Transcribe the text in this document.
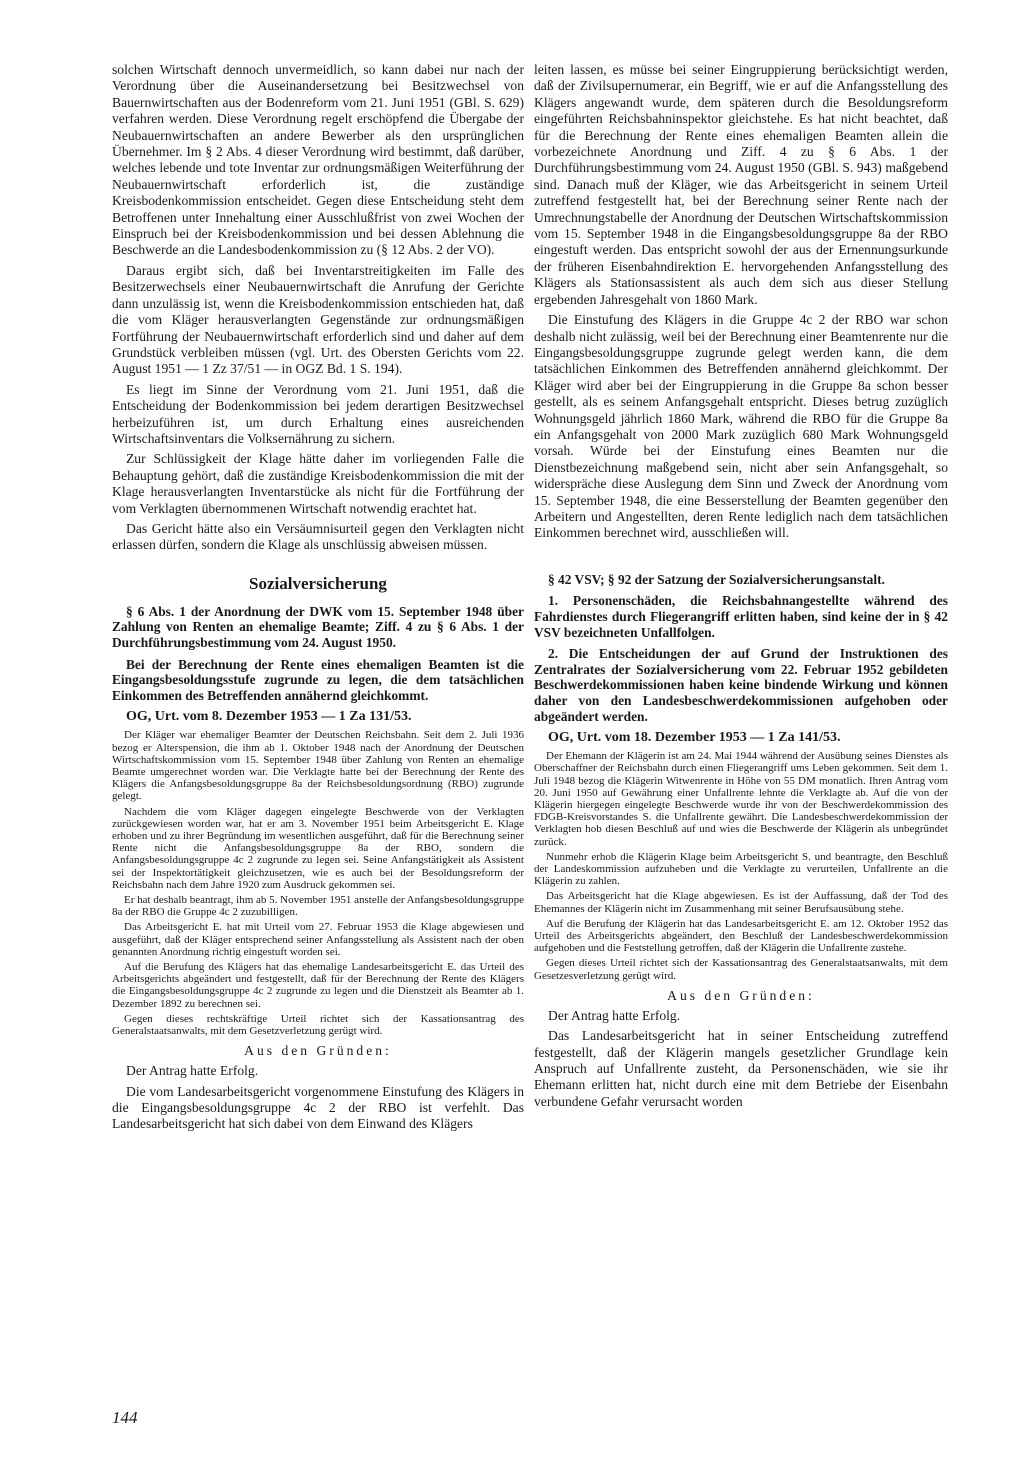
solchen Wirtschaft dennoch unvermeidlich, so kann dabei nur nach der Verordnung über die Auseinandersetzung bei Besitzwechsel von Bauernwirtschaften aus der Bodenreform vom 21. Juni 1951 (GBl. S. 629) verfahren werden. Diese Verordnung regelt erschöpfend die Übergabe der Neubauernwirtschaften an andere Bewerber als den ursprünglichen Übernehmer. Im § 2 Abs. 4 dieser Verordnung wird bestimmt, daß darüber, welches lebende und tote Inventar zur ordnungsmäßigen Weiterführung der Neubauernwirtschaft erforderlich ist, die zuständige Kreisbodenkommission entscheidet. Gegen diese Entscheidung steht dem Betroffenen unter Innehaltung einer Ausschlußfrist von zwei Wochen der Einspruch bei der Kreisbodenkommission und bei dessen Ablehnung die Beschwerde an die Landesbodenkommission zu (§ 12 Abs. 2 der VO).

Daraus ergibt sich, daß bei Inventarstreitigkeiten im Falle des Besitzerwechsels einer Neubauernwirtschaft die Anrufung der Gerichte dann unzulässig ist, wenn die Kreisbodenkommission entschieden hat, daß die vom Kläger herausverlangten Gegenstände zur ordnungsmäßigen Fortführung der Neubauernwirtschaft erforderlich sind und daher auf dem Grundstück verbleiben müssen (vgl. Urt. des Obersten Gerichts vom 22. August 1951 — 1 Zz 37/51 — in OGZ Bd. 1 S. 194).

Es liegt im Sinne der Verordnung vom 21. Juni 1951, daß die Entscheidung der Bodenkommission bei jedem derartigen Besitzwechsel herbeizuführen ist, um durch Erhaltung eines ausreichenden Wirtschaftsinventars die Volksernährung zu sichern.

Zur Schlüssigkeit der Klage hätte daher im vorliegenden Falle die Behauptung gehört, daß die zuständige Kreisbodenkommission die mit der Klage herausverlangten Inventarstücke als nicht für die Fortführung der vom Verklagten übernommenen Wirtschaft notwendig erachtet hat.

Das Gericht hätte also ein Versäumnisurteil gegen den Verklagten nicht erlassen dürfen, sondern die Klage als unschlüssig abweisen müssen.

Sozialversicherung

§ 6 Abs. 1 der Anordnung der DWK vom 15. September 1948 über Zahlung von Renten an ehemalige Beamte; Ziff. 4 zu § 6 Abs. 1 der Durchführungsbestimmung vom 24. August 1950.

Bei der Berechnung der Rente eines ehemaligen Beamten ist die Eingangsbesoldungsstufe zugrunde zu legen, die dem tatsächlichen Einkommen des Betreffenden annähernd gleichkommt.

OG, Urt. vom 8. Dezember 1953 — 1 Za 131/53.

Der Kläger war ehemaliger Beamter der Deutschen Reichsbahn. Seit dem 2. Juli 1936 bezog er Alterspension, die ihm ab 1. Oktober 1948 nach der Anordnung der Deutschen Wirtschaftskommission vom 15. September 1948 über Zahlung von Renten an ehemalige Beamte umgerechnet worden war. Die Verklagte hatte bei der Berechnung der Rente des Klägers die Anfangsbesoldungsgruppe 8a der Reichsbesoldungsordnung (RBO) zugrunde gelegt.

Nachdem die vom Kläger dagegen eingelegte Beschwerde von der Verklagten zurückgewiesen worden war, hat er am 3. November 1951 beim Arbeitsgericht E. Klage erhoben und zu ihrer Begründung im wesentlichen ausgeführt, daß für die Berechnung seiner Rente nicht die Anfangsbesoldungsgruppe 8a der RBO, sondern die Anfangsbesoldungsgruppe 4c 2 zugrunde zu legen sei. Seine Anfangstätigkeit als Assistent sei der Inspektortätigkeit gleichzusetzen, wie es auch bei der Besoldungsreform der Reichsbahn nach dem Jahre 1920 zum Ausdruck gekommen sei.

Er hat deshalb beantragt, ihm ab 5. November 1951 anstelle der Anfangsbesoldungsgruppe 8a der RBO die Gruppe 4c 2 zuzubilligen.

Das Arbeitsgericht E. hat mit Urteil vom 27. Februar 1953 die Klage abgewiesen und ausgeführt, daß der Kläger entsprechend seiner Anfangsstellung als Assistent nach der oben genannten Anordnung richtig eingestuft worden sei.

Auf die Berufung des Klägers hat das ehemalige Landesarbeitsgericht E. das Urteil des Arbeitsgerichts abgeändert und festgestellt, daß für der Berechnung der Rente des Klägers die Eingangsbesoldungsgruppe 4c 2 zugrunde zu legen und die Dienstzeit als Beamter ab 1. Dezember 1892 zu berechnen sei.

Gegen dieses rechtskräftige Urteil richtet sich der Kassationsantrag des Generalstaatsanwalts, mit dem Gesetzverletzung gerügt wird.

Aus den Gründen:

Der Antrag hatte Erfolg.

Die vom Landesarbeitsgericht vorgenommene Einstufung des Klägers in die Eingangsbesoldungsgruppe 4c 2 der RBO ist verfehlt. Das Landesarbeitsgericht hat sich dabei von dem Einwand des Klägers

leiten lassen, es müsse bei seiner Eingruppierung berücksichtigt werden, daß der Zivilsupernumerar, ein Begriff, wie er auf die Anfangsstellung des Klägers angewandt wurde, dem späteren durch die Besoldungsreform eingeführten Reichsbahninspektor gleichstehe. Es hat nicht beachtet, daß für die Berechnung der Rente eines ehemaligen Beamten allein die vorbezeichnete Anordnung und Ziff. 4 zu § 6 Abs. 1 der Durchführungsbestimmung vom 24. August 1950 (GBl. S. 943) maßgebend sind. Danach muß der Kläger, wie das Arbeitsgericht in seinem Urteil zutreffend festgestellt hat, bei der Berechnung seiner Rente nach der Umrechnungstabelle der Anordnung der Deutschen Wirtschaftskommission vom 15. September 1948 in die Eingangsbesoldungsgruppe 8a der RBO eingestuft werden. Das entspricht sowohl der aus der Ernennungsurkunde der früheren Eisenbahndirektion E. hervorgehenden Anfangsstellung des Klägers als Stationsassistent als auch dem sich aus dieser Stellung ergebenden Jahresgehalt von 1860 Mark.

Die Einstufung des Klägers in die Gruppe 4c 2 der RBO war schon deshalb nicht zulässig, weil bei der Berechnung einer Beamtenrente nur die Eingangsbesoldungsgruppe zugrunde gelegt werden kann, die dem tatsächlichen Einkommen des Betreffenden annähernd gleichkommt. Der Kläger wird aber bei der Eingruppierung in die Gruppe 8a schon besser gestellt, als es seinem Anfangsgehalt entspricht. Dieses betrug zuzüglich Wohnungsgeld jährlich 1860 Mark, während die RBO für die Gruppe 8a ein Anfangsgehalt von 2000 Mark zuzüglich 680 Mark Wohnungsgeld vorsah. Würde bei der Einstufung eines Beamten nur die Dienstbezeichnung maßgebend sein, nicht aber sein Anfangsgehalt, so widerspräche diese Auslegung dem Sinn und Zweck der Anordnung vom 15. September 1948, die eine Besserstellung der Beamten gegenüber den Arbeitern und Angestellten, deren Rente lediglich nach dem tatsächlichen Einkommen berechnet wird, ausschließen will.

§ 42 VSV; § 92 der Satzung der Sozialversicherungsanstalt.

1. Personenschäden, die Reichsbahnangestellte während des Fahrdienstes durch Fliegerangriff erlitten haben, sind keine der in § 42 VSV bezeichneten Unfallfolgen.

2. Die Entscheidungen der auf Grund der Instruktionen des Zentralrates der Sozialversicherung vom 22. Februar 1952 gebildeten Beschwerdekommissionen haben keine bindende Wirkung und können daher von den Landesbeschwerdekommissionen aufgehoben oder abgeändert werden.

OG, Urt. vom 18. Dezember 1953 — 1 Za 141/53.

Der Ehemann der Klägerin ist am 24. Mai 1944 während der Ausübung seines Dienstes als Oberschaffner der Reichsbahn durch einen Fliegerangriff ums Leben gekommen. Seit dem 1. Juli 1948 bezog die Klägerin Witwenrente in Höhe von 55 DM monatlich. Ihren Antrag vom 20. Juni 1950 auf Gewährung einer Unfallrente lehnte die Verklagte ab. Auf die von der Klägerin hiergegen eingelegte Beschwerde wurde ihr von der Beschwerdekommission des FDGB-Kreisvorstandes S. die Unfallrente gewährt. Die Landesbeschwerdekommission der Verklagten hob diesen Beschluß auf und wies die Beschwerde der Klägerin als unbegründet zurück.

Nunmehr erhob die Klägerin Klage beim Arbeitsgericht S. und beantragte, den Beschluß der Landeskommission aufzuheben und die Verklagte zu verurteilen, Unfallrente an die Klägerin zu zahlen.

Das Arbeitsgericht hat die Klage abgewiesen. Es ist der Auffassung, daß der Tod des Ehemannes der Klägerin nicht im Zusammenhang mit seiner Berufsausübung stehe.

Auf die Berufung der Klägerin hat das Landesarbeitsgericht E. am 12. Oktober 1952 das Urteil des Arbeitsgerichts abgeändert, den Beschluß der Landesbeschwerdekommission aufgehoben und die Feststellung getroffen, daß der Klägerin die Unfallrente zustehe.

Gegen dieses Urteil richtet sich der Kassationsantrag des Generalstaatsanwalts, mit dem Gesetzesverletzung gerügt wird.

Aus den Gründen:

Der Antrag hatte Erfolg.

Das Landesarbeitsgericht hat in seiner Entscheidung zutreffend festgestellt, daß der Klägerin mangels gesetzlicher Grundlage kein Anspruch auf Unfallrente zusteht, da Personenschäden, wie sie ihr Ehemann erlitten hat, nicht durch eine mit dem Betriebe der Eisenbahn verbundene Gefahr verursacht worden

144
